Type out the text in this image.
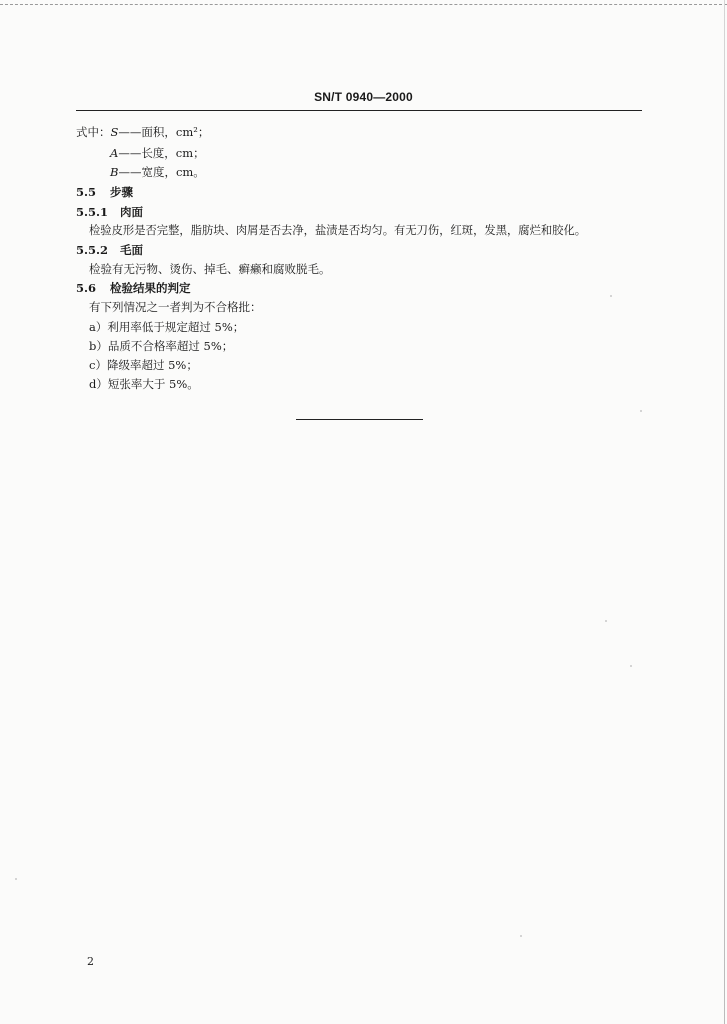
SN/T 0940—2000
式中：S——面积，cm²；
A——长度，cm；
B——宽度，cm。
5.5 步骤
5.5.1 肉面
检验皮形是否完整，脂肪块、肉屑是否去净，盐渍是否均匀。有无刀伤，红斑，发黑，腐烂和胶化。
5.5.2 毛面
检验有无污物、烫伤、掉毛、癣癞和腐败脱毛。
5.6 检验结果的判定
有下列情况之一者判为不合格批：
a）利用率低于规定超过 5%；
b）品质不合格率超过 5%；
c）降级率超过 5%；
d）短张率大于 5%。
2
